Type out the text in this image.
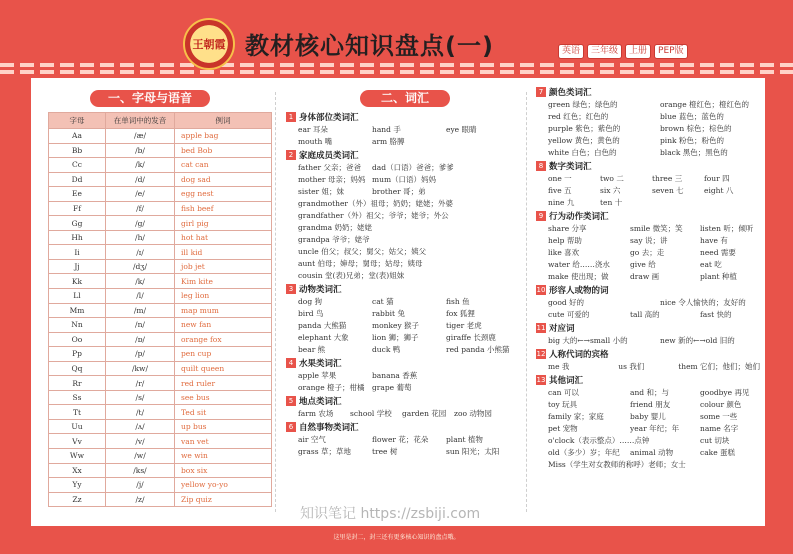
王朝霞 教材核心知识盘点(一)	英语	三年级	上册	PEP版
一、字母与语音	二、词汇
字母	在单词中的发音	例词
Aa	/æ/	apple bag
Bb	/b/	bed Bob
Cc	/k/	cat can
Dd	/d/	dog sad
Ee	/e/	egg nest
Ff	/f/	fish beef
Gg	/g/	girl pig
Hh	/h/	hot hat
Ii	/ɪ/	ill kid
Jj	/dʒ/	job jet
Kk	/k/	Kim kite
Ll	/l/	leg lion
Mm	/m/	map mum
Nn	/n/	new fan
Oo	/ɒ/	orange fox
Pp	/p/	pen cup
Qq	/kw/	quilt queen
Rr	/r/	red ruler
Ss	/s/	see bus
Tt	/t/	Ted sit
Uu	/ʌ/	up bus
Vv	/v/	van vet
Ww	/w/	we win
Xx	/ks/	box six
Yy	/j/	yellow yo-yo
Zz	/z/	Zip quiz
1 身体部位类词汇
ear 耳朵	hand 手	eye 眼睛
mouth 嘴	arm 胳膊
2 家庭成员类词汇
father 父亲；爸爸	dad（口语）爸爸；爹爹
mother 母亲；妈妈 mum（口语）妈妈
sister 姐；妹	brother 哥；弟
grandmother（外）祖母；奶奶；姥姥；外婆
grandfather（外）祖父；爷爷；姥爷；外公
grandma 奶奶；姥姥
grandpa 爷爷；姥爷
uncle 伯父；叔父；舅父；姑父；姨父
aunt 伯母；婶母；舅母；姑母；姨母
cousin 堂(表)兄弟；堂(表)姐妹
3 动物类词汇
dog 狗	cat 猫	fish 鱼
bird 鸟	rabbit 兔	fox 狐狸
panda 大熊猫	monkey 猴子	tiger 老虎
elephant 大象	lion 狮；狮子	giraffe 长颈鹿
bear 熊	duck 鸭	red panda 小熊猫
4 水果类词汇
apple 苹果	banana 香蕉
orange 橙子；柑橘 grape 葡萄
5 地点类词汇
farm 农场	school 学校	garden 花园	zoo 动物园
6 自然事物类词汇
air 空气	flower 花；花朵	plant 植物
grass 草；草地	tree 树	sun 阳光；太阳
7 颜色类词汇
green 绿色；绿色的	orange 橙红色；橙红色的
red 红色；红色的	blue 蓝色；蓝色的
purple 紫色；紫色的	brown 棕色；棕色的
yellow 黄色；黄色的	pink 粉色；粉色的
white 白色；白色的	black 黑色；黑色的
8 数字类词汇
one 一	two 二	three 三	four 四
five 五	six 六	seven 七	eight 八
nine 九	ten 十
9 行为动作类词汇
share 分享	smile 微笑；笑	listen 听；倾听
help 帮助	say 说；讲	have 有
like 喜欢	go 去；走	need 需要
water 给……浇水	give 给	eat 吃
make 使出现；做	draw 画	plant 种植
10 形容人或物的词
good 好的	nice 令人愉快的；友好的
cute 可爱的	tall 高的	fast 快的
11 对应词
big 大的←→small 小的	new 新的←→old 旧的
12 人称代词的宾格
me 我	us 我们	them 它们；他们；她们
13 其他词汇
can 可以	and 和；与	goodbye 再见
toy 玩具	friend 朋友	colour 颜色
family 家；家庭	baby 婴儿	some 一些
pet 宠物	year 年纪；年	name 名字
o'clock（表示整点）……点钟	cut 切块
old（多少）岁；年纪	animal 动物	cake 蛋糕
Miss（学生对女教师的称呼）老师；女士
知识笔记 https://zsbiji.com
这里是封二，封三还有更多核心知识的盘点哦。
